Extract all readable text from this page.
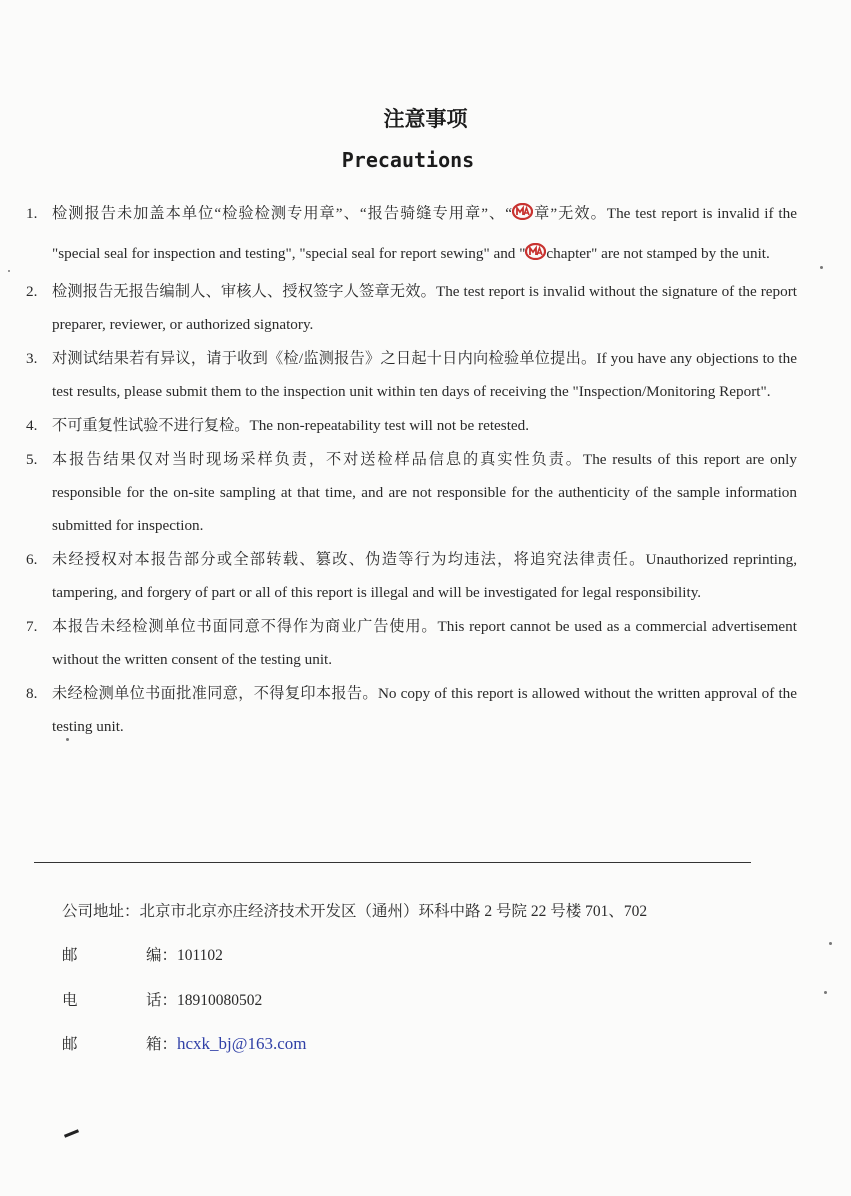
注意事项
Precautions
1. 检测报告未加盖本单位“检验检测专用章”、“报告骑缝专用章”、“ 章”无效。The test report is invalid if the "special seal for inspection and testing", "special seal for report sewing" and " chapter" are not stamped by the unit.
2. 检测报告无报告编制人、审核人、授权签字人签章无效。The test report is invalid without the signature of the report preparer, reviewer, or authorized signatory.
3. 对测试结果若有异议，请于收到《检/监测报告》之日起十日内向检验单位提出。If you have any objections to the test results, please submit them to the inspection unit within ten days of receiving the "Inspection/Monitoring Report".
4. 不可重复性试验不进行复检。The non-repeatability test will not be retested.
5. 本报告结果仅对当时现场采样负责，不对送检样品信息的真实性负责。The results of this report are only responsible for the on-site sampling at that time, and are not responsible for the authenticity of the sample information submitted for inspection.
6. 未经授权对本报告部分或全部转载、篡改、伪造等行为均违法，将追究法律责任。Unauthorized reprinting, tampering, and forgery of part or all of this report is illegal and will be investigated for legal responsibility.
7. 本报告未经检测单位书面同意不得作为商业广告使用。This report cannot be used as a commercial advertisement without the written consent of the testing unit.
8. 未经检测单位书面批准同意，不得复印本报告。No copy of this report is allowed without the written approval of the testing unit.
公司地址：北京市北京亦庄经济技术开发区（通州）环科中路 2 号院 22 号楼 701、702
邮	编：101102
电	话：18910080502
邮	箱：hcxk_bj@163.com
